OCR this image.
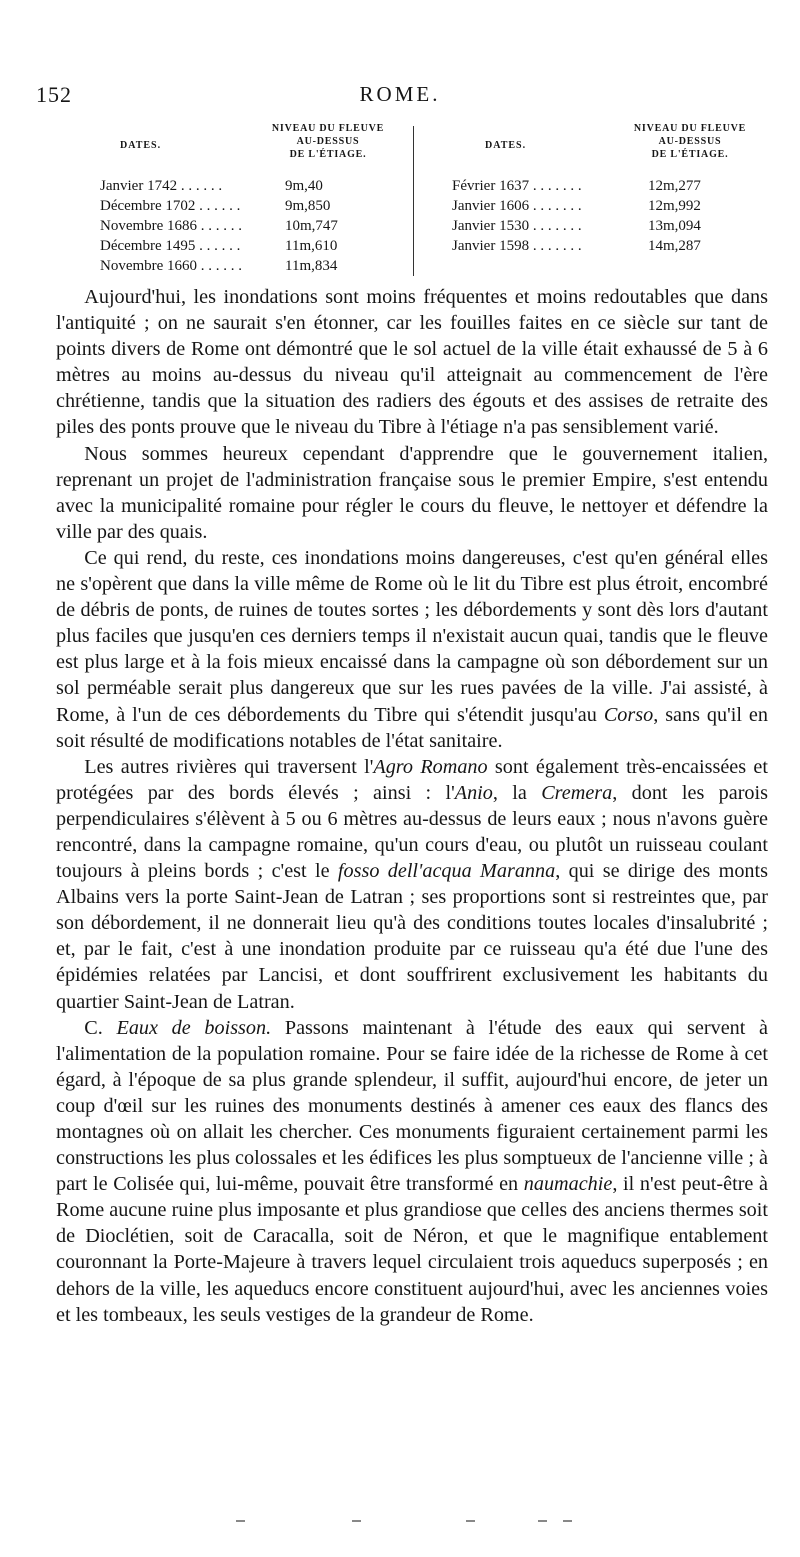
152	ROME.
DATES.
NIVEAU DU FLEUVE
AU-DESSUS
DE L'ÉTIAGE.
Janvier 1742 . . . . . .	9m,40
Décembre 1702 . . . . . .	9m,850
Novembre 1686 . . . . . .	10m,747
Décembre 1495 . . . . . .	11m,610
Novembre 1660 . . . . . .	11m,834
DATES.
NIVEAU DU FLEUVE
AU-DESSUS
DE L'ÉTIAGE.
Février 1637 . . . . . . .	12m,277
Janvier 1606 . . . . . . .	12m,992
Janvier 1530 . . . . . . .	13m,094
Janvier 1598 . . . . . . .	14m,287

Aujourd'hui, les inondations sont moins fréquentes et moins redoutables que dans l'antiquité ; on ne saurait s'en étonner, car les fouilles faites en ce siècle sur tant de points divers de Rome ont démontré que le sol actuel de la ville était exhaussé de 5 à 6 mètres au moins au-dessus du niveau qu'il atteignait au commencement de l'ère chrétienne, tandis que la situation des radiers des égouts et des assises de retraite des piles des ponts prouve que le niveau du Tibre à l'étiage n'a pas sensiblement varié.

Nous sommes heureux cependant d'apprendre que le gouvernement italien, reprenant un projet de l'administration française sous le premier Empire, s'est entendu avec la municipalité romaine pour régler le cours du fleuve, le nettoyer et défendre la ville par des quais.

Ce qui rend, du reste, ces inondations moins dangereuses, c'est qu'en général elles ne s'opèrent que dans la ville même de Rome où le lit du Tibre est plus étroit, encombré de débris de ponts, de ruines de toutes sortes ; les débordements y sont dès lors d'autant plus faciles que jusqu'en ces derniers temps il n'existait aucun quai, tandis que le fleuve est plus large et à la fois mieux encaissé dans la campagne où son débordement sur un sol perméable serait plus dangereux que sur les rues pavées de la ville. J'ai assisté, à Rome, à l'un de ces débordements du Tibre qui s'étendit jusqu'au Corso, sans qu'il en soit résulté de modifications notables de l'état sanitaire.

Les autres rivières qui traversent l'Agro Romano sont également très-encaissées et protégées par des bords élevés ; ainsi : l'Anio, la Cremera, dont les parois perpendiculaires s'élèvent à 5 ou 6 mètres au-dessus de leurs eaux ; nous n'avons guère rencontré, dans la campagne romaine, qu'un cours d'eau, ou plutôt un ruisseau coulant toujours à pleins bords ; c'est le fosso dell'acqua Maranna, qui se dirige des monts Albains vers la porte Saint-Jean de Latran ; ses proportions sont si restreintes que, par son débordement, il ne donnerait lieu qu'à des conditions toutes locales d'insalubrité ; et, par le fait, c'est à une inondation produite par ce ruisseau qu'a été due l'une des épidémies relatées par Lancisi, et dont souffrirent exclusivement les habitants du quartier Saint-Jean de Latran.

C. Eaux de boisson. Passons maintenant à l'étude des eaux qui servent à l'alimentation de la population romaine. Pour se faire idée de la richesse de Rome à cet égard, à l'époque de sa plus grande splendeur, il suffit, aujourd'hui encore, de jeter un coup d'œil sur les ruines des monuments destinés à amener ces eaux des flancs des montagnes où on allait les chercher. Ces monuments figuraient certainement parmi les constructions les plus colossales et les édifices les plus somptueux de l'ancienne ville ; à part le Colisée qui, lui-même, pouvait être transformé en naumachie, il n'est peut-être à Rome aucune ruine plus imposante et plus grandiose que celles des anciens thermes soit de Dioclétien, soit de Caracalla, soit de Néron, et que le magnifique entablement couronnant la Porte-Majeure à travers lequel circulaient trois aqueducs superposés ; en dehors de la ville, les aqueducs encore constituent aujourd'hui, avec les anciennes voies et les tombeaux, les seuls vestiges de la grandeur de Rome.
